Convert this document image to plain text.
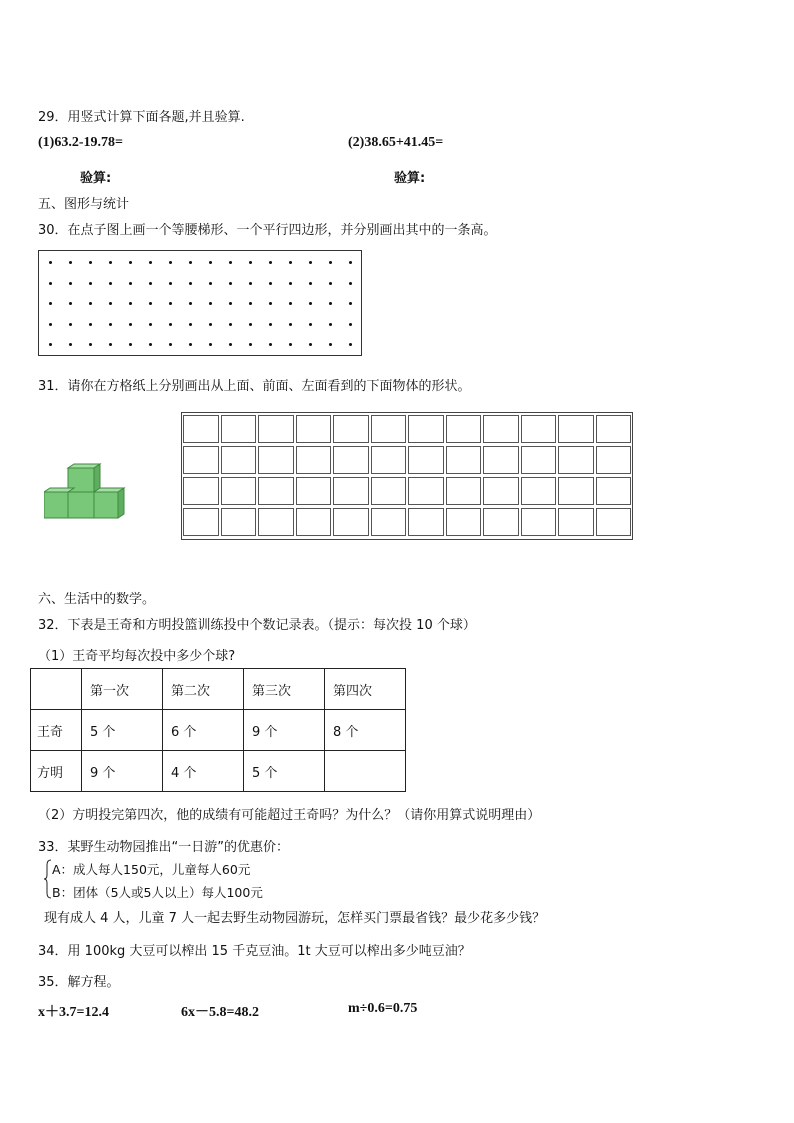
29．用竖式计算下面各题,并且验算.
(1)63.2-19.78=	(2)38.65+41.45=
验算:	验算:
五、图形与统计
30．在点子图上画一个等腰梯形、一个平行四边形，并分别画出其中的一条高。
31．请你在方格纸上分别画出从上面、前面、左面看到的下面物体的形状。
六、生活中的数学。
32．下表是王奇和方明投篮训练投中个数记录表。（提示：每次投 10 个球）
（1）王奇平均每次投中多少个球?
	第一次	第二次	第三次	第四次
王奇	5 个	6 个	9 个	8 个
方明	9 个	4 个	5 个	
（2）方明投完第四次，他的成绩有可能超过王奇吗？为什么？（请你用算式说明理由）
33．某野生动物园推出“一日游”的优惠价：
A：成人每人150元，儿童每人60元
B：团体（5人或5人以上）每人100元
现有成人 4 人，儿童 7 人一起去野生动物园游玩，怎样买门票最省钱？最少花多少钱？
34．用 100kg 大豆可以榨出 15 千克豆油。1t 大豆可以榨出多少吨豆油？
35．解方程。
x＋3.7=12.4	6x－5.8=48.2	m÷0.6=0.75
